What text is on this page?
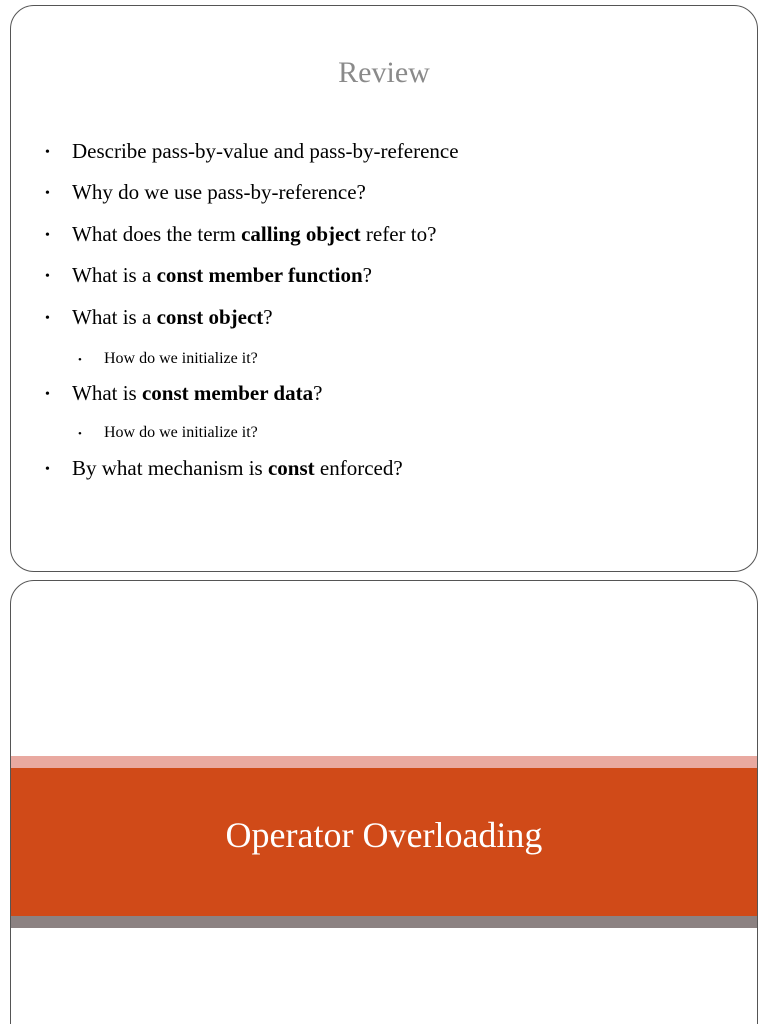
Review
• Describe pass-by-value and pass-by-reference
• Why do we use pass-by-reference?
• What does the term calling object refer to?
• What is a const member function?
• What is a const object?
• How do we initialize it?
• What is const member data?
• How do we initialize it?
• By what mechanism is const enforced?
Operator Overloading
